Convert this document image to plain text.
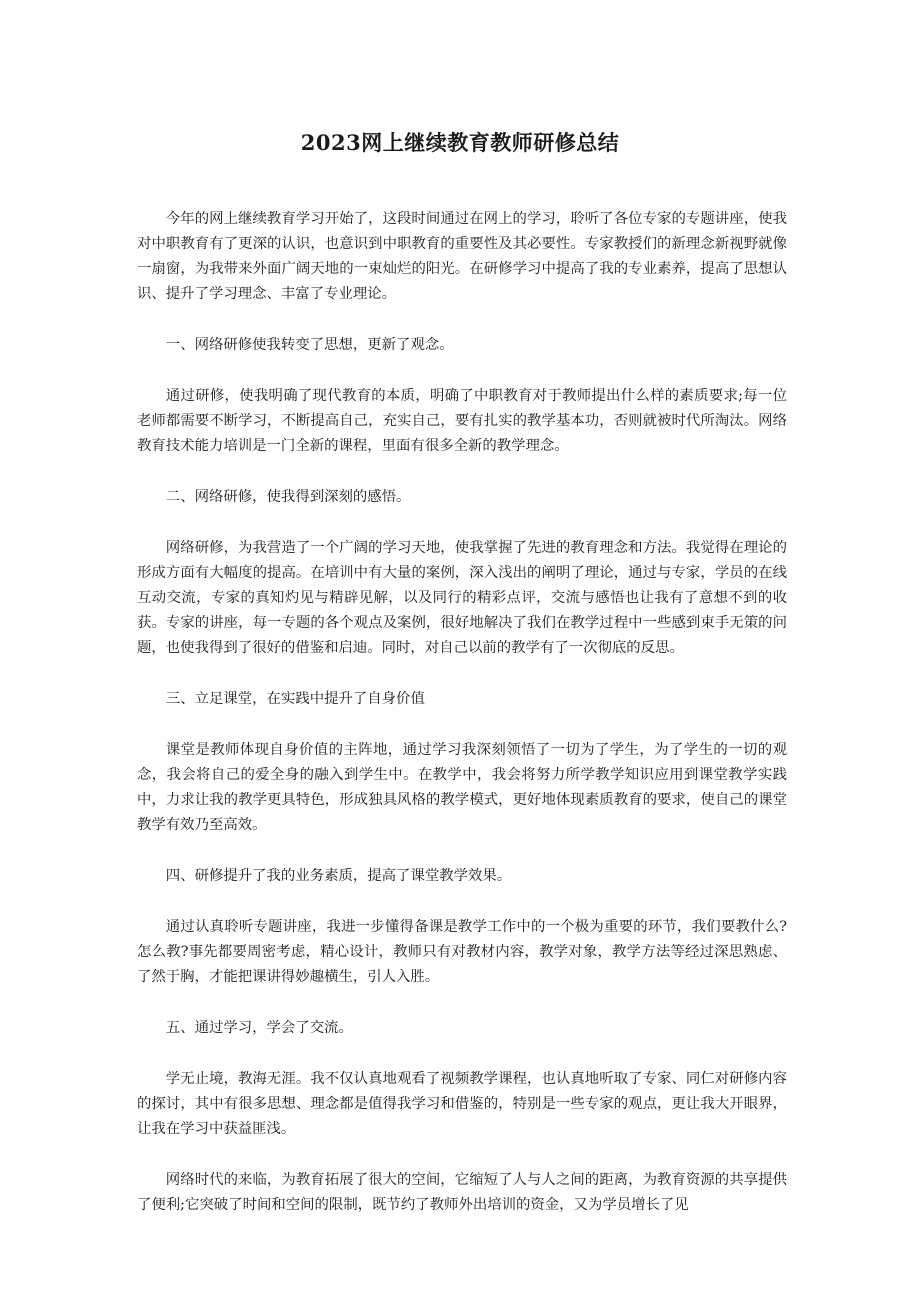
2023网上继续教育教师研修总结

今年的网上继续教育学习开始了，这段时间通过在网上的学习，聆听了各位专家的专题讲座，使我对中职教育有了更深的认识，也意识到中职教育的重要性及其必要性。专家教授们的新理念新视野就像一扇窗，为我带来外面广阔天地的一束灿烂的阳光。在研修学习中提高了我的专业素养，提高了思想认识、提升了学习理念、丰富了专业理论。

一、网络研修使我转变了思想，更新了观念。

通过研修，使我明确了现代教育的本质，明确了中职教育对于教师提出什么样的素质要求;每一位老师都需要不断学习，不断提高自己，充实自己，要有扎实的教学基本功，否则就被时代所淘汰。网络教育技术能力培训是一门全新的课程，里面有很多全新的教学理念。

二、网络研修，使我得到深刻的感悟。

网络研修，为我营造了一个广阔的学习天地，使我掌握了先进的教育理念和方法。我觉得在理论的形成方面有大幅度的提高。在培训中有大量的案例，深入浅出的阐明了理论，通过与专家，学员的在线互动交流，专家的真知灼见与精辟见解，以及同行的精彩点评，交流与感悟也让我有了意想不到的收获。专家的讲座，每一专题的各个观点及案例，很好地解决了我们在教学过程中一些感到束手无策的问题，也使我得到了很好的借鉴和启迪。同时，对自己以前的教学有了一次彻底的反思。

三、立足课堂，在实践中提升了自身价值

课堂是教师体现自身价值的主阵地，通过学习我深刻领悟了一切为了学生，为了学生的一切的观念，我会将自己的爱全身的融入到学生中。在教学中，我会将努力所学教学知识应用到课堂教学实践中，力求让我的教学更具特色，形成独具风格的教学模式，更好地体现素质教育的要求，使自己的课堂教学有效乃至高效。

四、研修提升了我的业务素质，提高了课堂教学效果。

通过认真聆听专题讲座，我进一步懂得备课是教学工作中的一个极为重要的环节，我们要教什么?怎么教?事先都要周密考虑，精心设计，教师只有对教材内容，教学对象，教学方法等经过深思熟虑、了然于胸，才能把课讲得妙趣横生，引人入胜。

五、通过学习，学会了交流。

学无止境，教海无涯。我不仅认真地观看了视频教学课程，也认真地听取了专家、同仁对研修内容的探讨，其中有很多思想、理念都是值得我学习和借鉴的，特别是一些专家的观点，更让我大开眼界，让我在学习中获益匪浅。

网络时代的来临，为教育拓展了很大的空间，它缩短了人与人之间的距离，为教育资源的共享提供了便利;它突破了时间和空间的限制，既节约了教师外出培训的资金，又为学员增长了见
